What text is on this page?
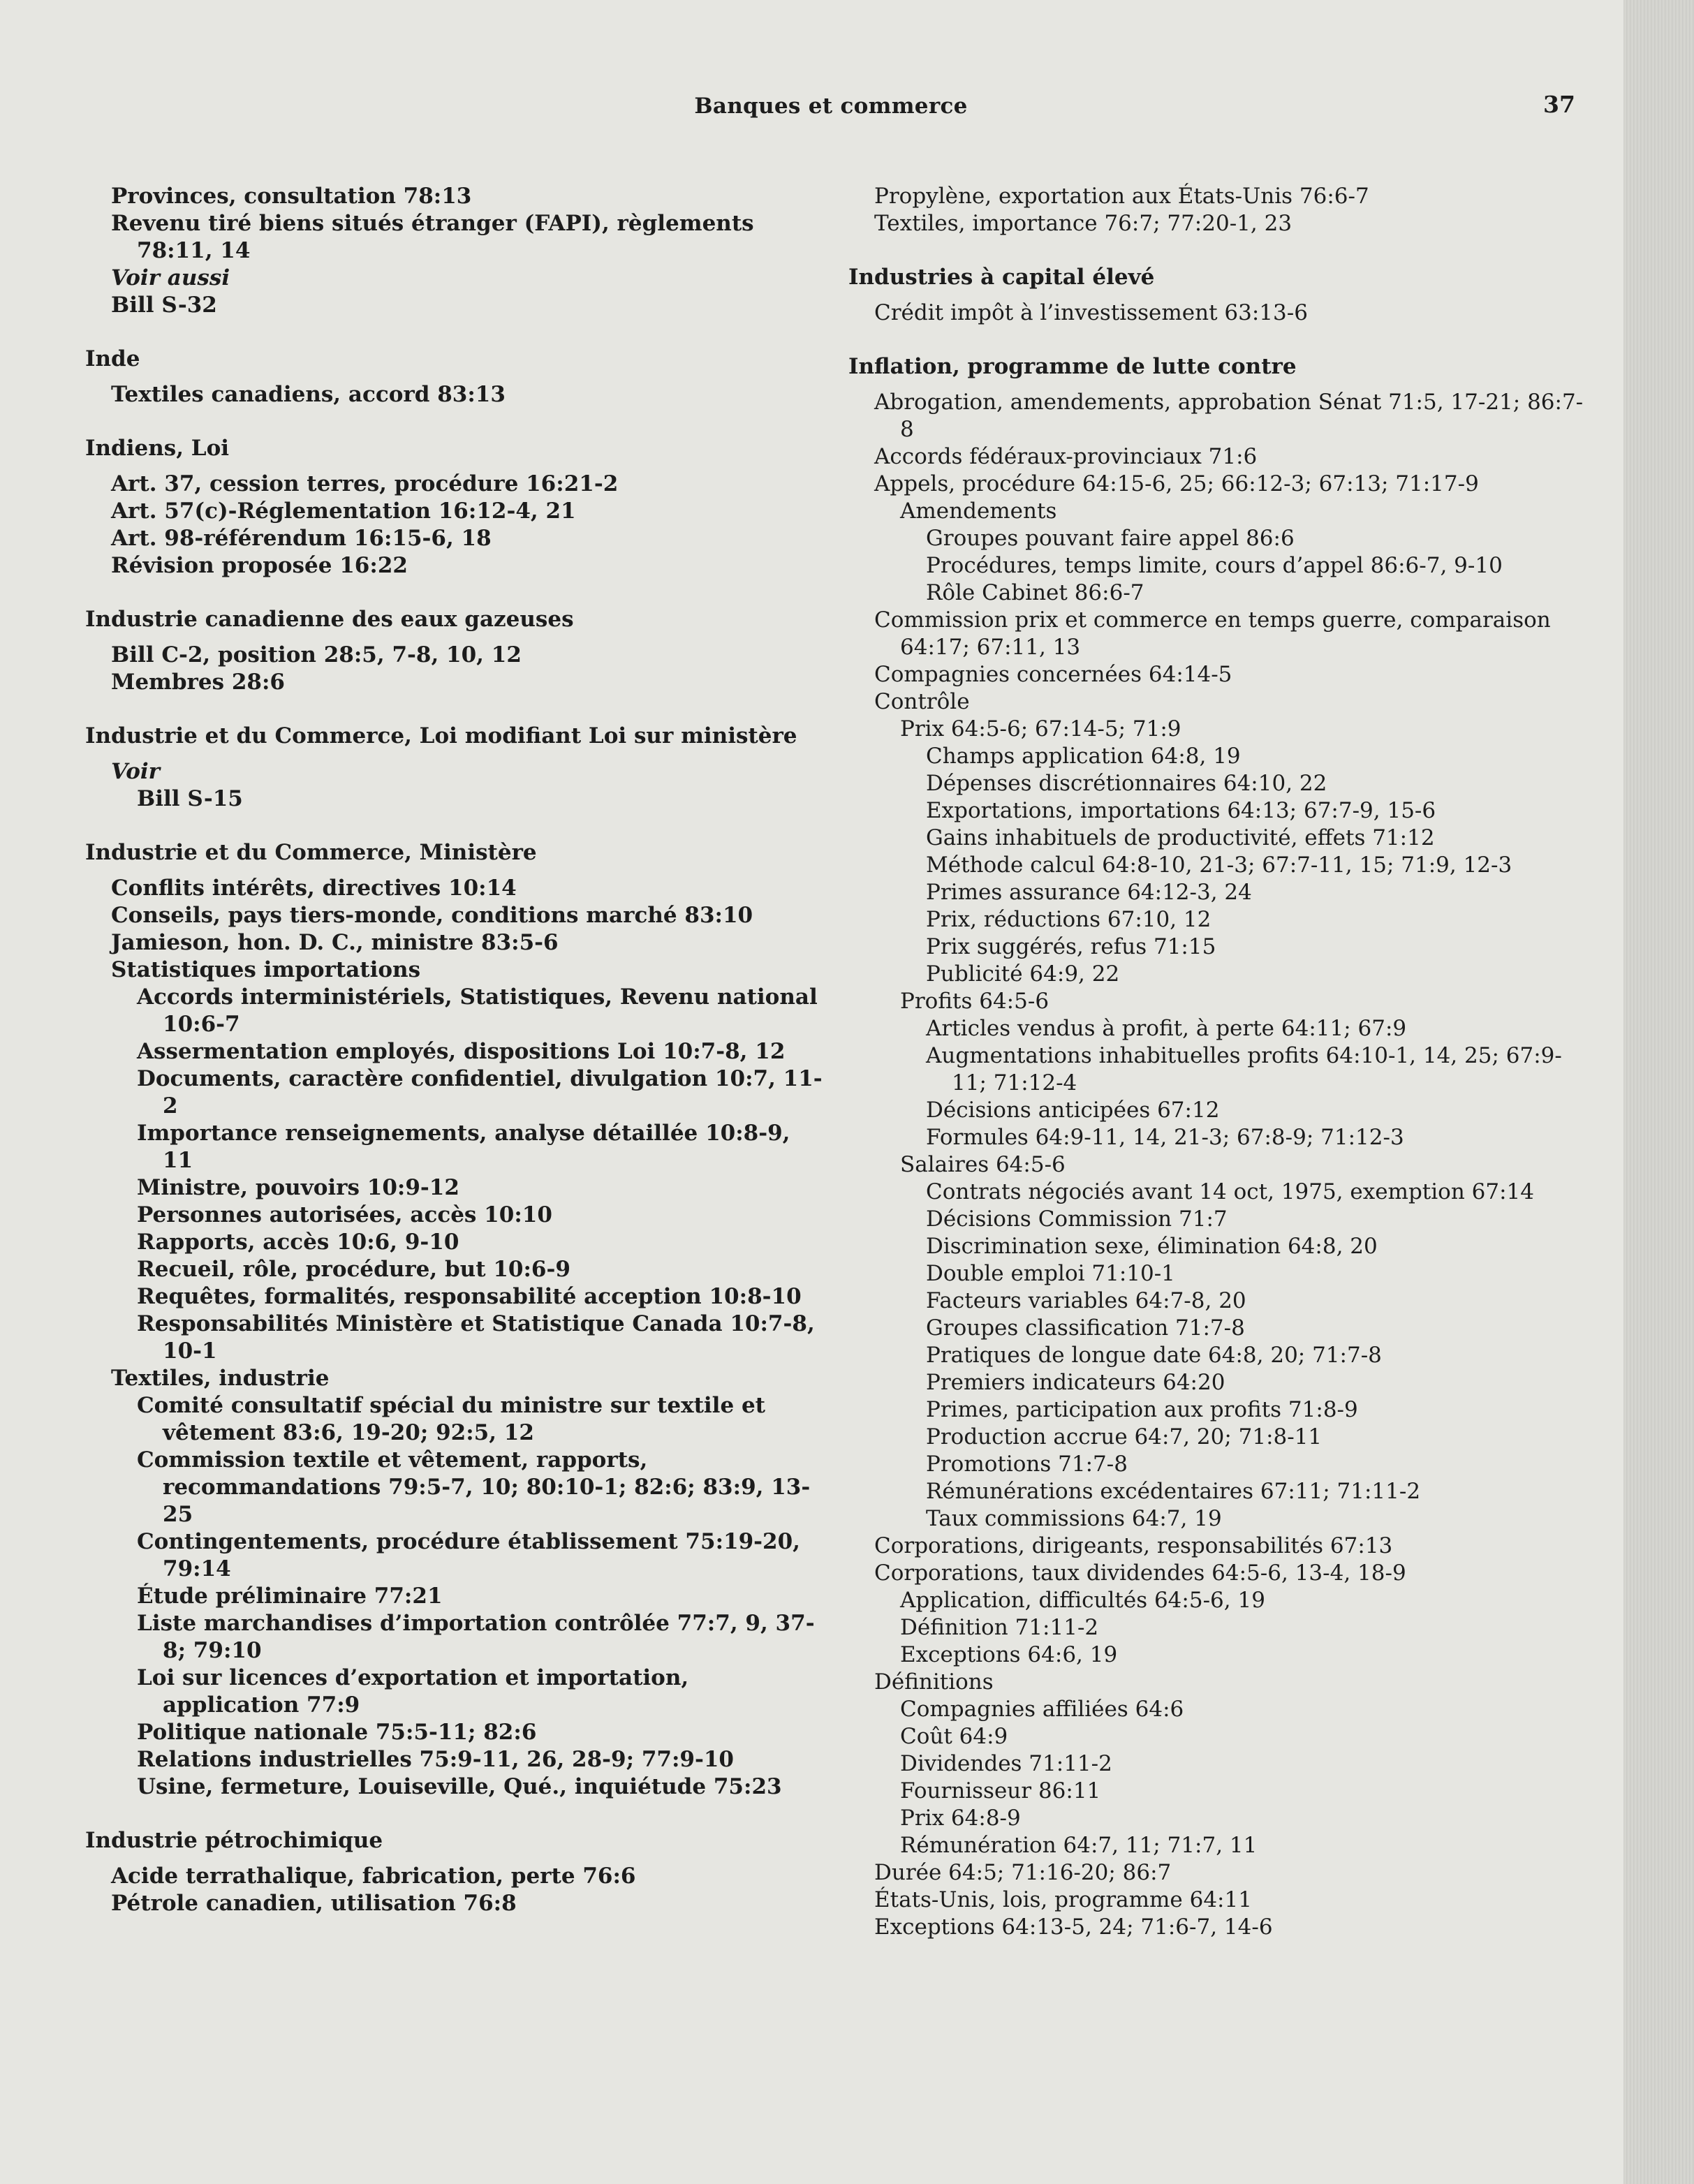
Banques et commerce	37
Provinces, consultation 78:13
Revenu tiré biens situés étranger (FAPI), règlements 78:11, 14
Voir aussi
Bill S-32
Inde
Textiles canadiens, accord 83:13
Indiens, Loi
Art. 37, cession terres, procédure 16:21-2
Art. 57(c)-Réglementation 16:12-4, 21
Art. 98-référendum 16:15-6, 18
Révision proposée 16:22
Industrie canadienne des eaux gazeuses
Bill C-2, position 28:5, 7-8, 10, 12
Membres 28:6
Industrie et du Commerce, Loi modifiant Loi sur ministère
Voir
Bill S-15
Industrie et du Commerce, Ministère
Conflits intérêts, directives 10:14
Conseils, pays tiers-monde, conditions marché 83:10
Jamieson, hon. D. C., ministre 83:5-6
Statistiques importations
Accords interministériels, Statistiques, Revenu national 10:6-7
Assermentation employés, dispositions Loi 10:7-8, 12
Documents, caractère confidentiel, divulgation 10:7, 11-2
Importance renseignements, analyse détaillée 10:8-9, 11
Ministre, pouvoirs 10:9-12
Personnes autorisées, accès 10:10
Rapports, accès 10:6, 9-10
Recueil, rôle, procédure, but 10:6-9
Requêtes, formalités, responsabilité acception 10:8-10
Responsabilités Ministère et Statistique Canada 10:7-8, 10-1
Textiles, industrie
Comité consultatif spécial du ministre sur textile et vêtement 83:6, 19-20; 92:5, 12
Commission textile et vêtement, rapports, recommandations 79:5-7, 10; 80:10-1; 82:6; 83:9, 13-25
Contingentements, procédure établissement 75:19-20, 79:14
Étude préliminaire 77:21
Liste marchandises d’importation contrôlée 77:7, 9, 37-8; 79:10
Loi sur licences d’exportation et importation, application 77:9
Politique nationale 75:5-11; 82:6
Relations industrielles 75:9-11, 26, 28-9; 77:9-10
Usine, fermeture, Louiseville, Qué., inquiétude 75:23
Industrie pétrochimique
Acide terrathalique, fabrication, perte 76:6
Pétrole canadien, utilisation 76:8
Propylène, exportation aux États-Unis 76:6-7
Textiles, importance 76:7; 77:20-1, 23
Industries à capital élevé
Crédit impôt à l’investissement 63:13-6
Inflation, programme de lutte contre
Abrogation, amendements, approbation Sénat 71:5, 17-21; 86:7-8
Accords fédéraux-provinciaux 71:6
Appels, procédure 64:15-6, 25; 66:12-3; 67:13; 71:17-9
Amendements
Groupes pouvant faire appel 86:6
Procédures, temps limite, cours d’appel 86:6-7, 9-10
Rôle Cabinet 86:6-7
Commission prix et commerce en temps guerre, comparaison 64:17; 67:11, 13
Compagnies concernées 64:14-5
Contrôle
Prix 64:5-6; 67:14-5; 71:9
Champs application 64:8, 19
Dépenses discrétionnaires 64:10, 22
Exportations, importations 64:13; 67:7-9, 15-6
Gains inhabituels de productivité, effets 71:12
Méthode calcul 64:8-10, 21-3; 67:7-11, 15; 71:9, 12-3
Primes assurance 64:12-3, 24
Prix, réductions 67:10, 12
Prix suggérés, refus 71:15
Publicité 64:9, 22
Profits 64:5-6
Articles vendus à profit, à perte 64:11; 67:9
Augmentations inhabituelles profits 64:10-1, 14, 25; 67:9-11; 71:12-4
Décisions anticipées 67:12
Formules 64:9-11, 14, 21-3; 67:8-9; 71:12-3
Salaires 64:5-6
Contrats négociés avant 14 oct, 1975, exemption 67:14
Décisions Commission 71:7
Discrimination sexe, élimination 64:8, 20
Double emploi 71:10-1
Facteurs variables 64:7-8, 20
Groupes classification 71:7-8
Pratiques de longue date 64:8, 20; 71:7-8
Premiers indicateurs 64:20
Primes, participation aux profits 71:8-9
Production accrue 64:7, 20; 71:8-11
Promotions 71:7-8
Rémunérations excédentaires 67:11; 71:11-2
Taux commissions 64:7, 19
Corporations, dirigeants, responsabilités 67:13
Corporations, taux dividendes 64:5-6, 13-4, 18-9
Application, difficultés 64:5-6, 19
Définition 71:11-2
Exceptions 64:6, 19
Définitions
Compagnies affiliées 64:6
Coût 64:9
Dividendes 71:11-2
Fournisseur 86:11
Prix 64:8-9
Rémunération 64:7, 11; 71:7, 11
Durée 64:5; 71:16-20; 86:7
États-Unis, lois, programme 64:11
Exceptions 64:13-5, 24; 71:6-7, 14-6
